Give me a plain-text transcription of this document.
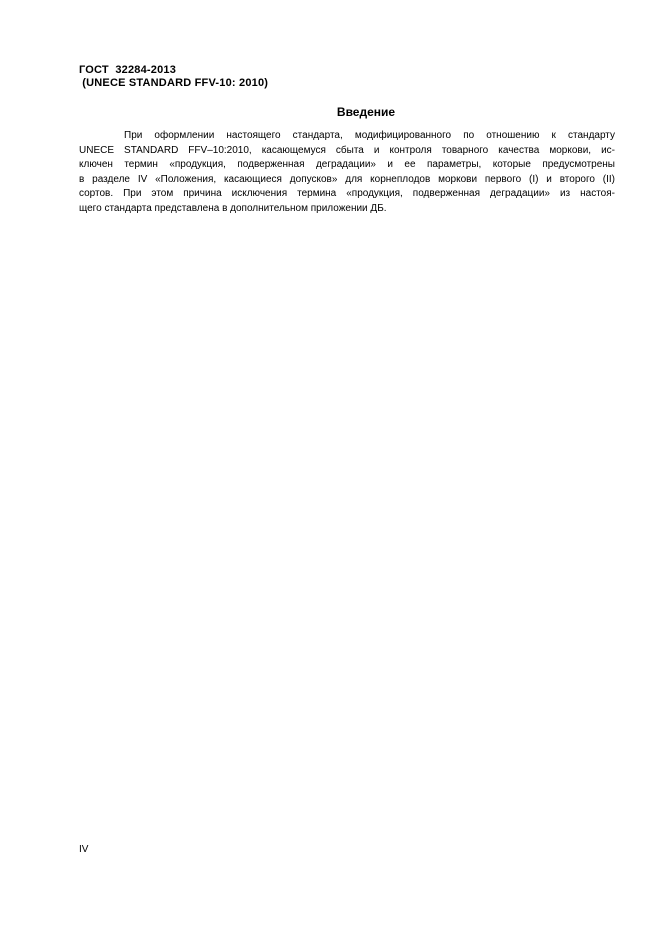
ГОСТ  32284-2013
(UNECE STANDARD FFV-10: 2010)
Введение
При оформлении настоящего стандарта, модифицированного по отношению к стандарту
UNECE STANDARD FFV–10:2010, касающемуся сбыта и контроля товарного качества моркови, ис-
ключен термин «продукция, подверженная деградации» и ее параметры, которые предусмотрены
в разделе IV «Положения, касающиеся допусков» для корнеплодов моркови первого (I) и второго (II)
сортов. При этом причина исключения термина «продукция, подверженная деградации» из настоя-
щего стандарта представлена в дополнительном приложении ДБ.
IV
